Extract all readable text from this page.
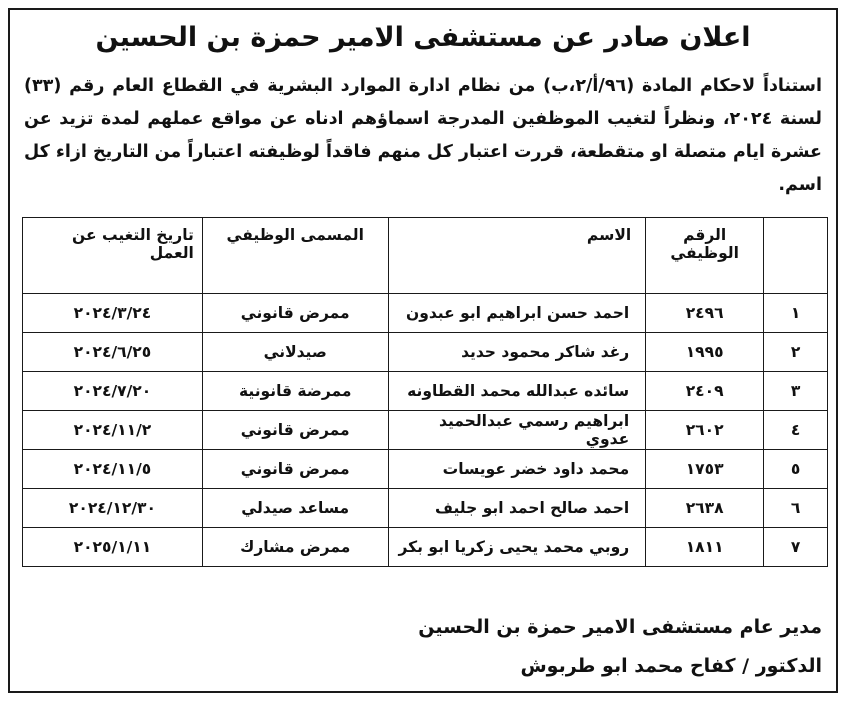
اعلان صادر عن مستشفى الامير حمزة بن الحسين
استناداً لاحكام المادة (٩٦/أ/٢،ب) من نظام ادارة الموارد البشرية في القطاع العام رقم (٣٣) لسنة ٢٠٢٤، ونظراً لتغيب الموظفين المدرجة اسماؤهم ادناه عن مواقع عملهم لمدة تزيد عن عشرة ايام متصلة او متقطعة، قررت اعتبار كل منهم فاقداً لوظيفته اعتباراً من التاريخ ازاء كل اسم.
	الرقم الوظيفي	الاسم	المسمى الوظيفي	تاريخ التغيب عن العمل
١	٢٤٩٦	احمد حسن ابراهيم ابو عبدون	ممرض قانوني	٢٠٢٤/٣/٢٤
٢	١٩٩٥	رغد شاكر محمود حديد	صيدلاني	٢٠٢٤/٦/٢٥
٣	٢٤٠٩	سائده عبدالله محمد القطاونه	ممرضة قانونية	٢٠٢٤/٧/٢٠
٤	٢٦٠٢	ابراهيم رسمي عبدالحميد عدوي	ممرض قانوني	٢٠٢٤/١١/٢
٥	١٧٥٣	محمد داود خضر عويسات	ممرض قانوني	٢٠٢٤/١١/٥
٦	٢٦٣٨	احمد صالح احمد ابو جليف	مساعد صيدلي	٢٠٢٤/١٢/٣٠
٧	١٨١١	روبي محمد يحيى زكريا ابو بكر	ممرض مشارك	٢٠٢٥/١/١١
مدير عام مستشفى الامير حمزة بن الحسين
الدكتور / كفاح محمد ابو طربوش
